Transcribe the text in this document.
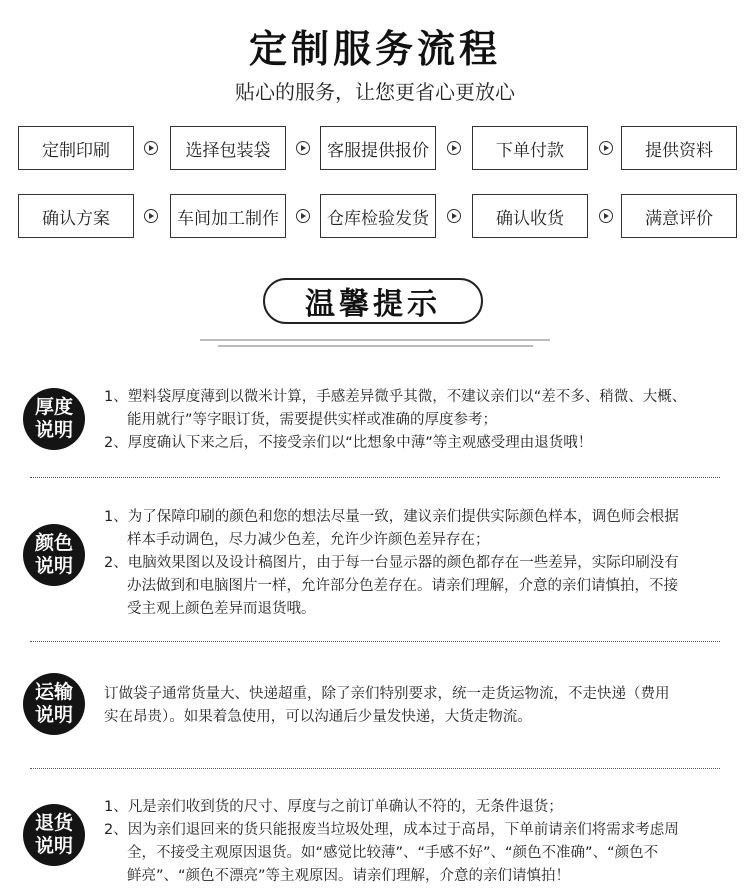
定制服务流程
贴心的服务，让您更省心更放心
定制印刷	选择包装袋	客服提供报价	下单付款	提供资料
确认方案	车间加工制作	仓库检验发货	确认收货	满意评价
温馨提示
厚度
说明

1、塑料袋厚度薄到以微米计算，手感差异微乎其微，不建议亲们以“差不多、稍微、大概、

能用就行”等字眼订货，需要提供实样或准确的厚度参考；

2、厚度确认下来之后，不接受亲们以“比想象中薄”等主观感受理由退货哦！

颜色
说明

1、为了保障印刷的颜色和您的想法尽量一致，建议亲们提供实际颜色样本，调色师会根据

样本手动调色，尽力减少色差，允许少许颜色差异存在；

2、电脑效果图以及设计稿图片，由于每一台显示器的颜色都存在一些差异，实际印刷没有

办法做到和电脑图片一样，允许部分色差存在。请亲们理解，介意的亲们请慎拍，不接

受主观上颜色差异而退货哦。

运输
说明

订做袋子通常货量大、快递超重，除了亲们特别要求，统一走货运物流，不走快递（费用

实在昂贵）。如果着急使用，可以沟通后少量发快递，大货走物流。

退货
说明

1、凡是亲们收到货的尺寸、厚度与之前订单确认不符的，无条件退货；

2、因为亲们退回来的货只能报废当垃圾处理，成本过于高昂，下单前请亲们将需求考虑周

全，不接受主观原因退货。如“感觉比较薄”、“手感不好”、“颜色不准确”、“颜色不

鲜亮”、“颜色不漂亮”等主观原因。请亲们理解，介意的亲们请慎拍！
